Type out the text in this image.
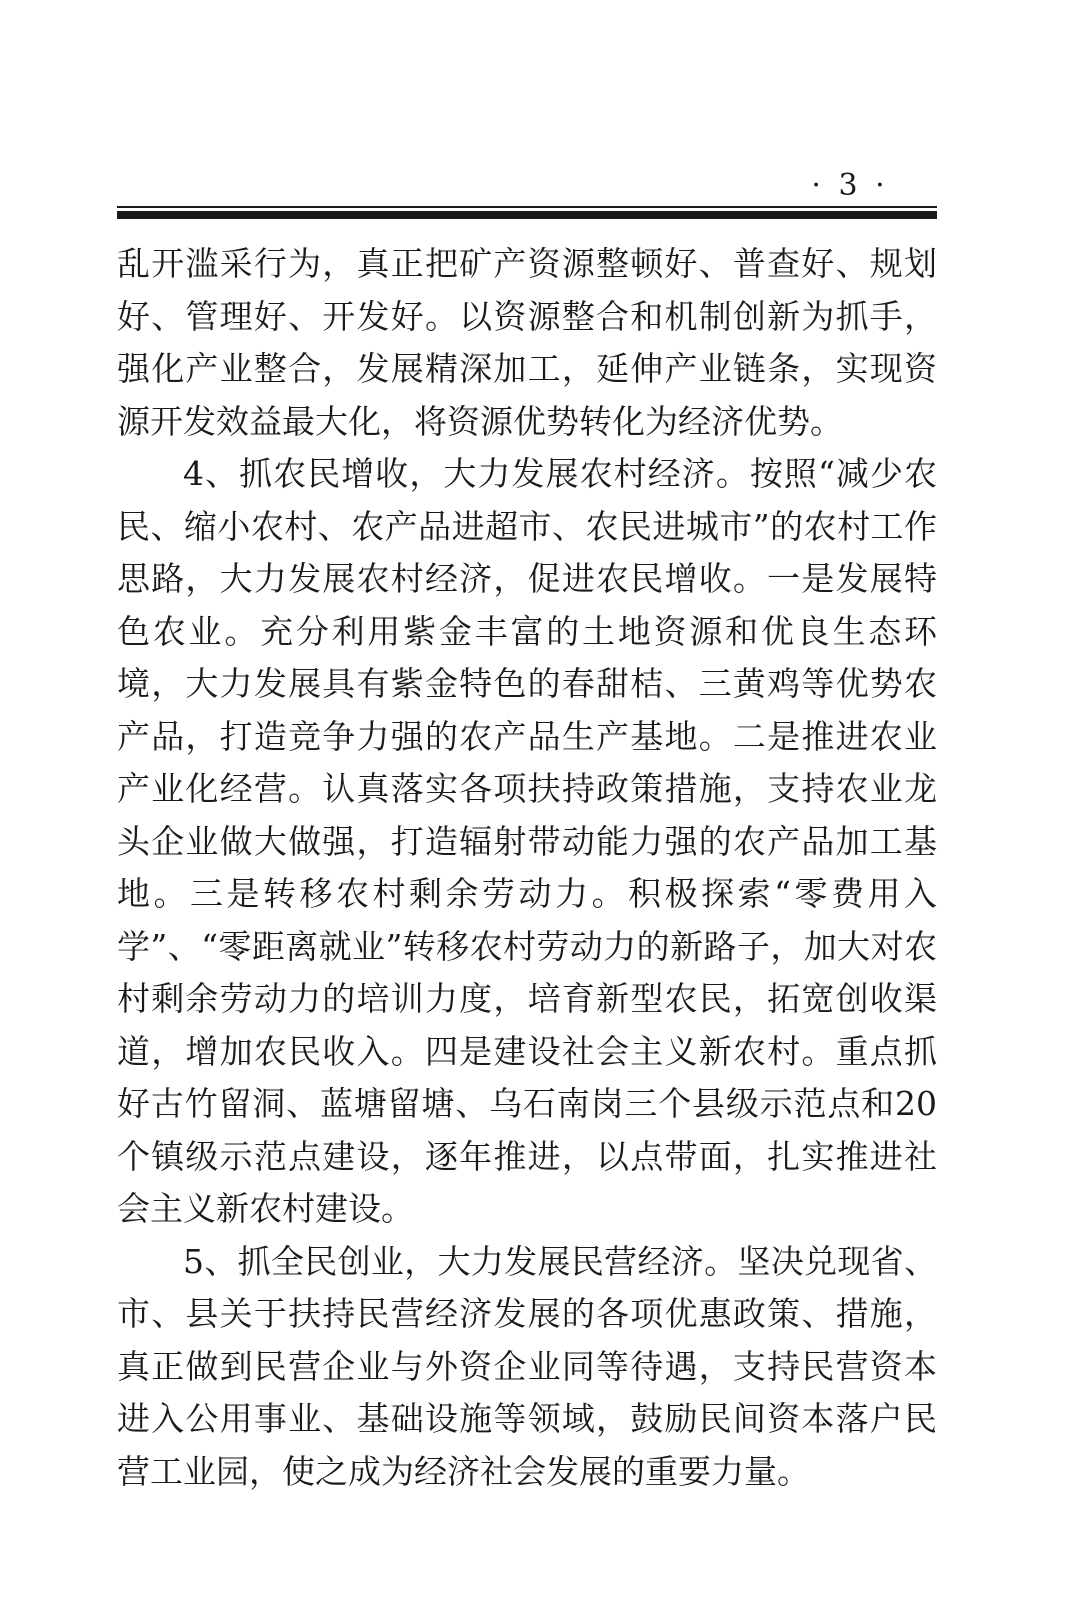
· 3 ·

乱开滥采行为，真正把矿产资源整顿好、普查好、规划好、管理好、开发好。以资源整合和机制创新为抓手，强化产业整合，发展精深加工，延伸产业链条，实现资源开发效益最大化，将资源优势转化为经济优势。

4、抓农民增收，大力发展农村经济。按照“减少农民、缩小农村、农产品进超市、农民进城市”的农村工作思路，大力发展农村经济，促进农民增收。一是发展特色农业。充分利用紫金丰富的土地资源和优良生态环境，大力发展具有紫金特色的春甜桔、三黄鸡等优势农产品，打造竞争力强的农产品生产基地。二是推进农业产业化经营。认真落实各项扶持政策措施，支持农业龙头企业做大做强，打造辐射带动能力强的农产品加工基地。三是转移农村剩余劳动力。积极探索“零费用入学”、“零距离就业”转移农村劳动力的新路子，加大对农村剩余劳动力的培训力度，培育新型农民，拓宽创收渠道，增加农民收入。四是建设社会主义新农村。重点抓好古竹留洞、蓝塘留塘、乌石南岗三个县级示范点和20个镇级示范点建设，逐年推进，以点带面，扎实推进社会主义新农村建设。

5、抓全民创业，大力发展民营经济。坚决兑现省、市、县关于扶持民营经济发展的各项优惠政策、措施，真正做到民营企业与外资企业同等待遇，支持民营资本进入公用事业、基础设施等领域，鼓励民间资本落户民营工业园，使之成为经济社会发展的重要力量。
